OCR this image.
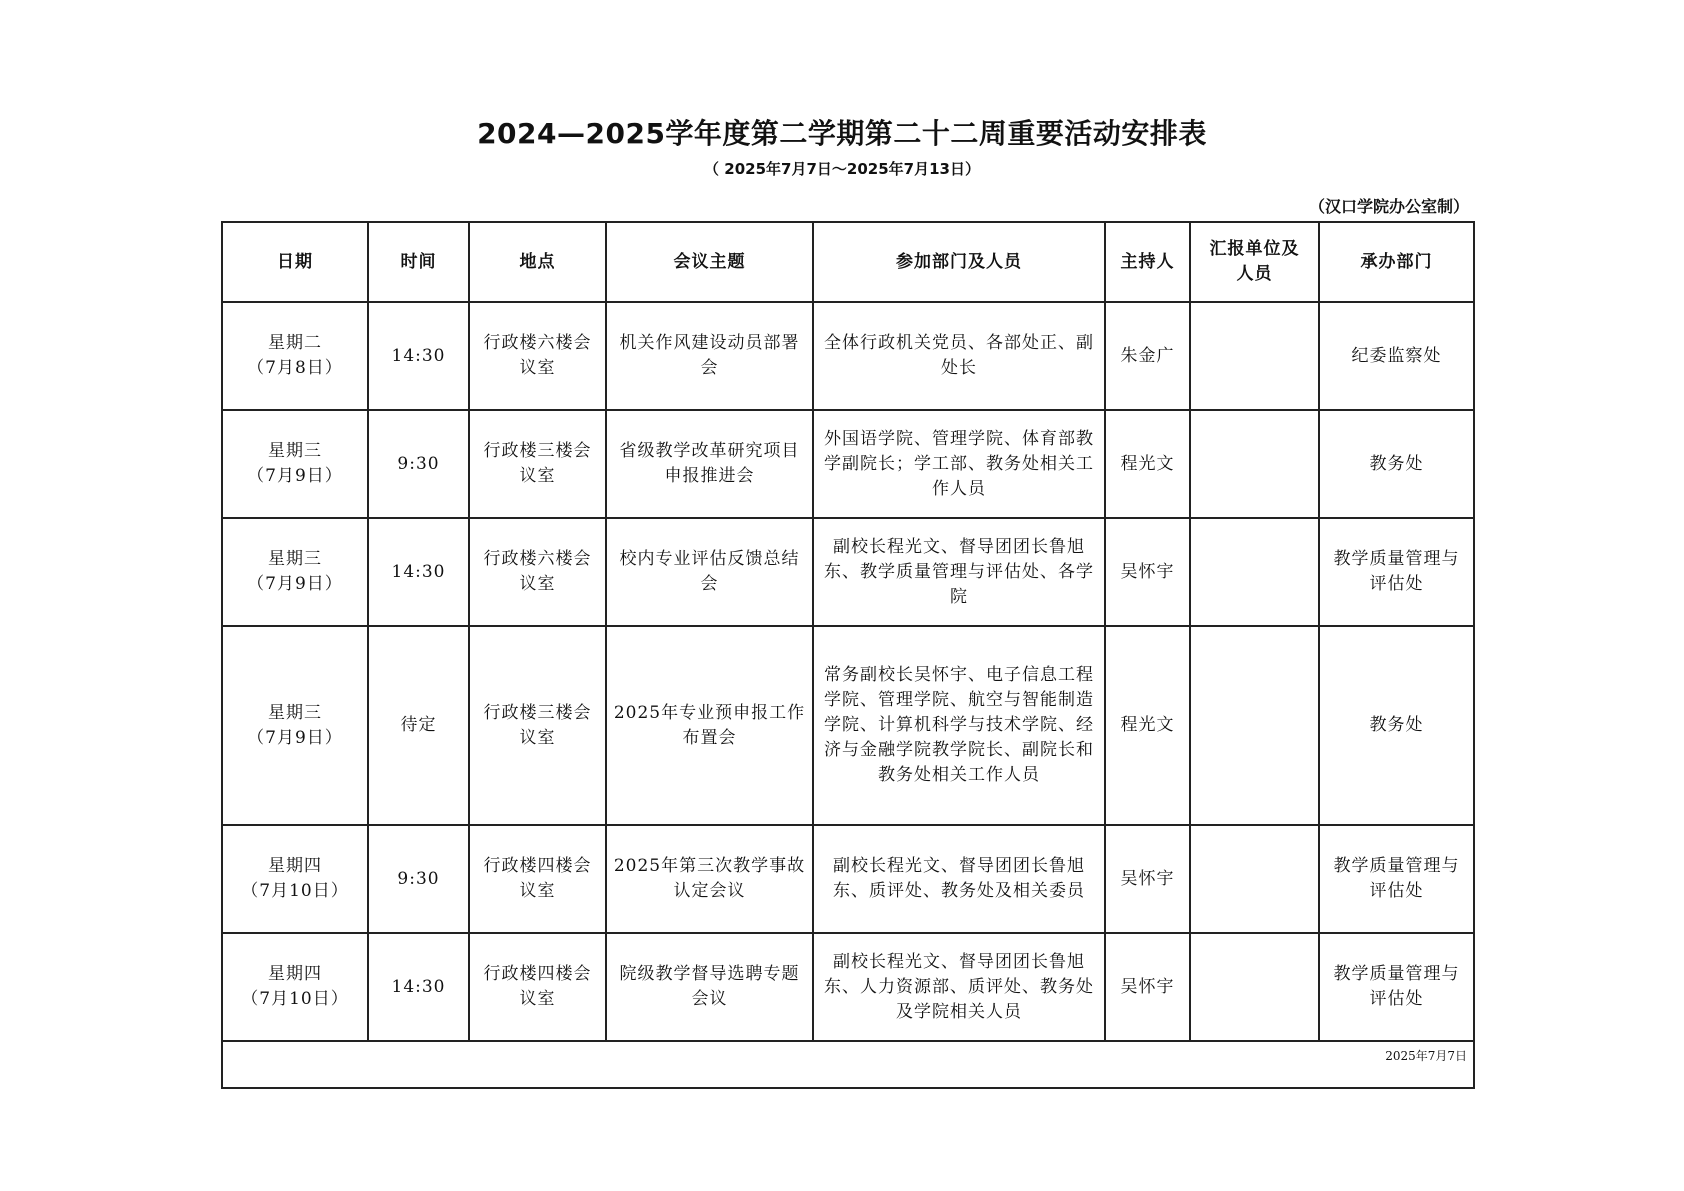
2024—2025学年度第二学期第二十二周重要活动安排表
（ 2025年7月7日～2025年7月13日）
（汉口学院办公室制）
日期	时间	地点	会议主题	参加部门及人员	主持人	汇报单位及人员	承办部门

星期二
（7月8日）	14:30	行政楼六楼会议室	机关作风建设动员部署会	全体行政机关党员、各部处正、副处长	朱金广		纪委监察处

星期三
（7月9日）	9:30	行政楼三楼会议室	省级教学改革研究项目申报推进会	外国语学院、管理学院、体育部教学副院长；学工部、教务处相关工作人员	程光文		教务处

星期三
（7月9日）	14:30	行政楼六楼会议室	校内专业评估反馈总结会	副校长程光文、督导团团长鲁旭东、教学质量管理与评估处、各学院	吴怀宇		教学质量管理与评估处

星期三
（7月9日）	待定	行政楼三楼会议室	2025年专业预申报工作布置会	常务副校长吴怀宇、电子信息工程学院、管理学院、航空与智能制造学院、计算机科学与技术学院、经济与金融学院教学院长、副院长和教务处相关工作人员	程光文		教务处

星期四
（7月10日）	9:30	行政楼四楼会议室	2025年第三次教学事故认定会议	副校长程光文、督导团团长鲁旭东、质评处、教务处及相关委员	吴怀宇		教学质量管理与评估处

星期四
（7月10日）	14:30	行政楼四楼会议室	院级教学督导选聘专题会议	副校长程光文、督导团团长鲁旭东、人力资源部、质评处、教务处及学院相关人员	吴怀宇		教学质量管理与评估处

2025年7月7日							
